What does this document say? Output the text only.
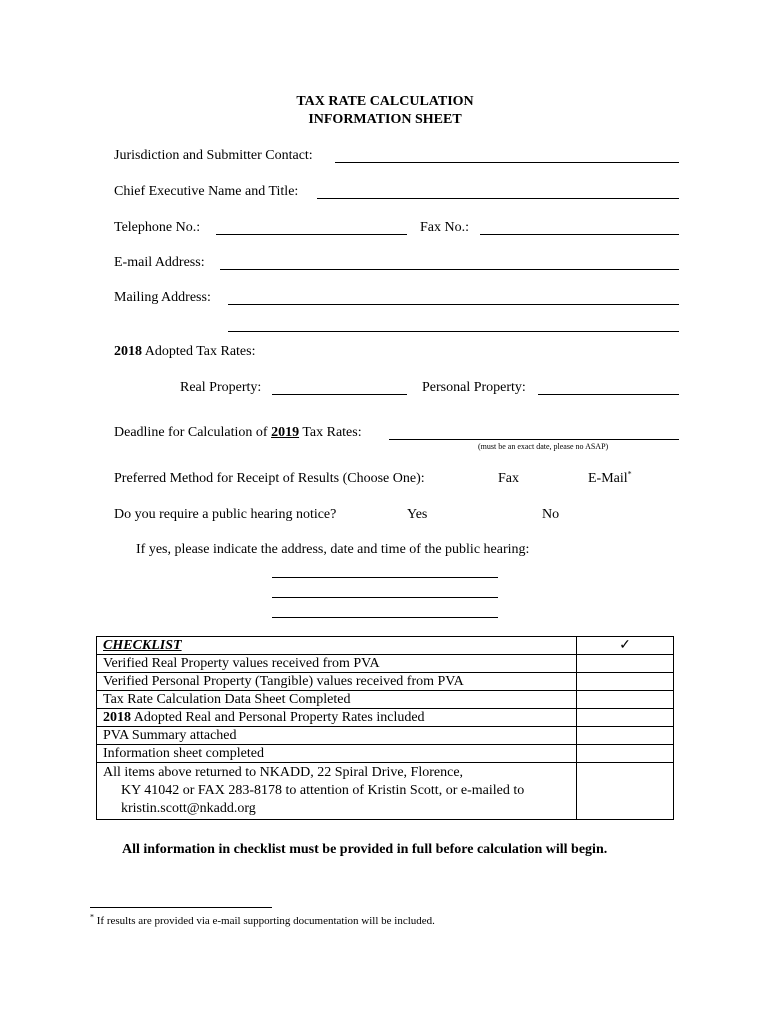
TAX RATE CALCULATION
INFORMATION SHEET
Jurisdiction and Submitter Contact:
Chief Executive Name and Title:
Telephone No.:	Fax No.:
E-mail Address:
Mailing Address:
2018 Adopted Tax Rates:
Real Property:	Personal Property:
Deadline for Calculation of 2019 Tax Rates:
(must be an exact date, please no ASAP)
Preferred Method for Receipt of Results (Choose One):	Fax	E-Mail*
Do you require a public hearing notice?	Yes	No
If yes, please indicate the address, date and time of the public hearing:
CHECKLIST	✓
Verified Real Property values received from PVA	
Verified Personal Property (Tangible) values received from PVA	
Tax Rate Calculation Data Sheet Completed	
2018 Adopted Real and Personal Property Rates included	
PVA Summary attached	
Information sheet completed	

All items above returned to NKADD, 22 Spiral Drive, Florence,
KY 41042 or FAX 283-8178 to attention of Kristin Scott, or e-mailed to
kristin.scott@nkadd.org	

All information in checklist must be provided in full before calculation will begin.
* If results are provided via e-mail supporting documentation will be included.
